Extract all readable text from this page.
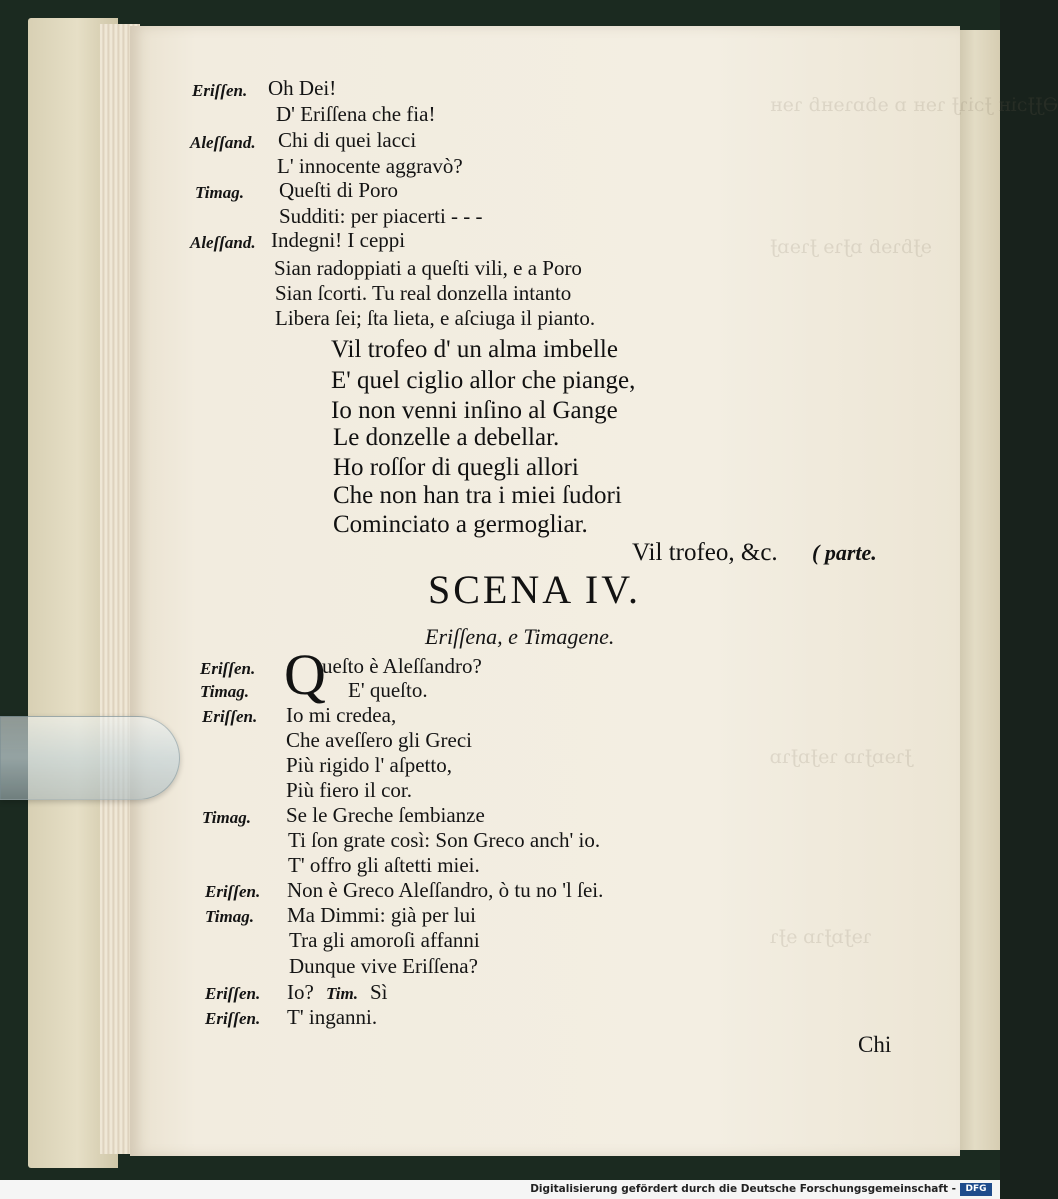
ӘɈɈɔiʜ ɈɔiɿɈ ɿɘʜ ɒ ɘɓɒɿɘʜɓ ɿɘʜ
ɘɈɓɿɘɓ ɒɈɿɘ ɈɿɘɒɈ
ɈɿɘɒɈɿɒ ɿɘɈɒɈɿɒ
ɿɘɈɒɈɿɒ ɘɈɿ
Eriſſen. Oh Dei!
D' Eriſſena che fia!
Aleſſand. Chi di quei lacci
L' innocente aggravò?
Timag. Queſti di Poro
Sudditi: per piacerti - - -
Aleſſand. Indegni! I ceppi
Sian radoppiati a queſti vili, e a Poro
Sian ſcorti. Tu real donzella intanto
Libera ſei; ſta lieta, e aſciuga il pianto.
Vil trofeo d' un alma imbelle
E' quel ciglio allor che piange,
Io non venni inſino al Gange
Le donzelle a debellar.
Ho roſſor di quegli allori
Che non han tra i miei ſudori
Cominciato a germogliar.
Vil trofeo, &c. ( parte.
SCENA IV.
Eriſſena, e Timagene.
Q
Eriſſen.	ueſto è Aleſſandro?
Timag.	E' queſto.
Eriſſen. Io mi credea,
Che aveſſero gli Greci
Più rigido l' aſpetto,
Più fiero il cor.
Timag. Se le Greche ſembianze
Ti ſon grate così: Son Greco anch' io.
T' offro gli aſtetti miei.
Eriſſen. Non è Greco Aleſſandro, ò tu no 'l ſei.
Timag. Ma Dimmi: già per lui
Tra gli amoroſi affanni
Dunque vive Eriſſena?
Eriſſen. Io? Tim. Sì
Eriſſen. T' inganni.
Chi
Digitalisierung gefördert durch die Deutsche Forschungsgemeinschaft -	DFG
